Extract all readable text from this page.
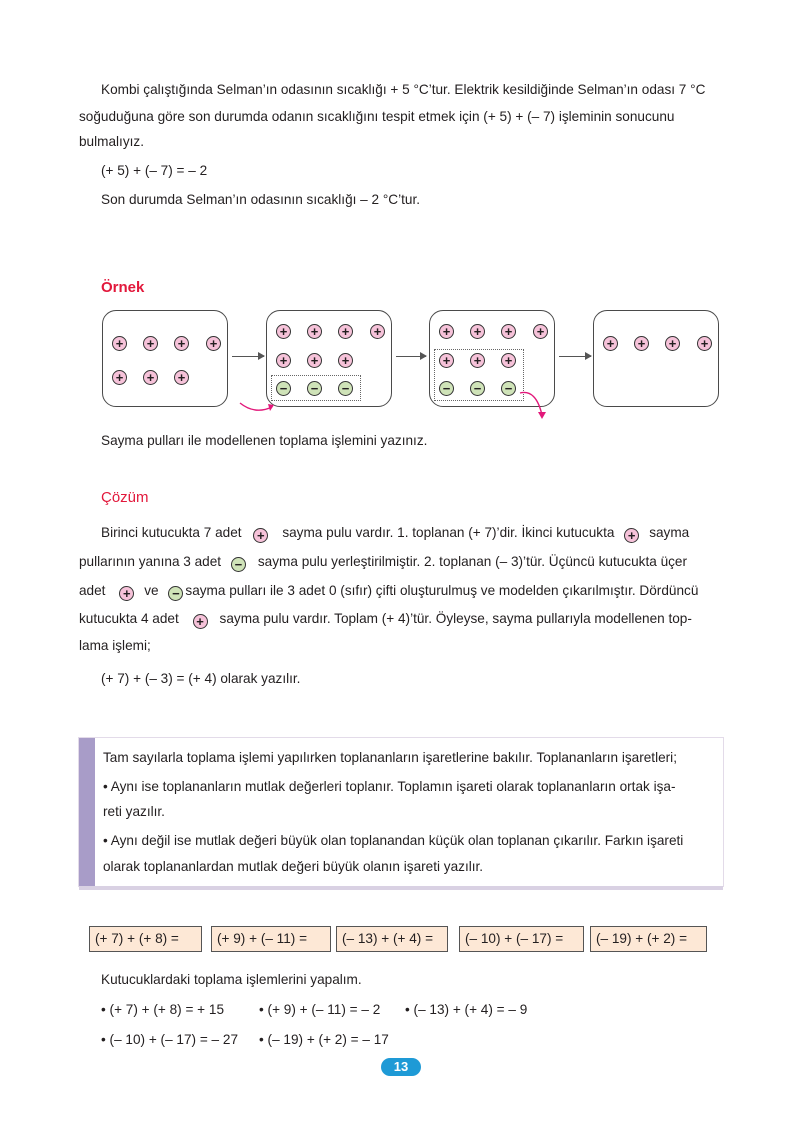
Kombi çalıştığında Selman’ın odasının sıcaklığı + 5 °C’tur. Elektrik kesildiğinde Selman’ın odası 7 °C

soğuduğuna göre son durumda odanın sıcaklığını tespit etmek için (+ 5) + (– 7) işleminin sonucunu

bulmalıyız.

(+ 5) + (– 7) = – 2

Son durumda Selman’ın odasının sıcaklığı – 2 °C’tur.

Örnek

+ + + +
+ + +
+ + + +
+ + +
− − −
+ + + +
+ + +
− − −
+ + + +

Sayma pulları ile modellenen toplama işlemini yazınız.

Çözüm

Birinci kutucukta 7 adet + sayma pulu vardır. 1. toplanan (+ 7)’dir. İkinci kutucukta + sayma

pullarının yanına 3 adet − sayma pulu yerleştirilmiştir. 2. toplanan (– 3)’tür. Üçüncü kutucukta üçer

adet + ve − sayma pulları ile 3 adet 0 (sıfır) çifti oluşturulmuş ve modelden çıkarılmıştır. Dördüncü

kutucukta 4 adet + sayma pulu vardır. Toplam (+ 4)’tür. Öyleyse, sayma pullarıyla modellenen top-

lama işlemi;

(+ 7) + (– 3) = (+ 4) olarak yazılır.

Tam sayılarla toplama işlemi yapılırken toplananların işaretlerine bakılır. Toplananların işaretleri;

• Aynı ise toplananların mutlak değerleri toplanır. Toplamın işareti olarak toplananların ortak işa-

reti yazılır.

• Aynı değil ise mutlak değeri büyük olan toplanandan küçük olan toplanan çıkarılır. Farkın işareti

olarak toplananlardan mutlak değeri büyük olanın işareti yazılır.

(+ 7) + (+ 8) =	(+ 9) + (– 11) =	(– 13) + (+ 4) =	(– 10) + (– 17) =	(– 19) + (+ 2) =

Kutucuklardaki toplama işlemlerini yapalım.

• (+ 7) + (+ 8) = + 15	• (+ 9) + (– 11) = – 2 • (– 13) + (+ 4) = – 9

• (– 10) + (– 17) = – 27 • (– 19) + (+ 2) = – 17

13
